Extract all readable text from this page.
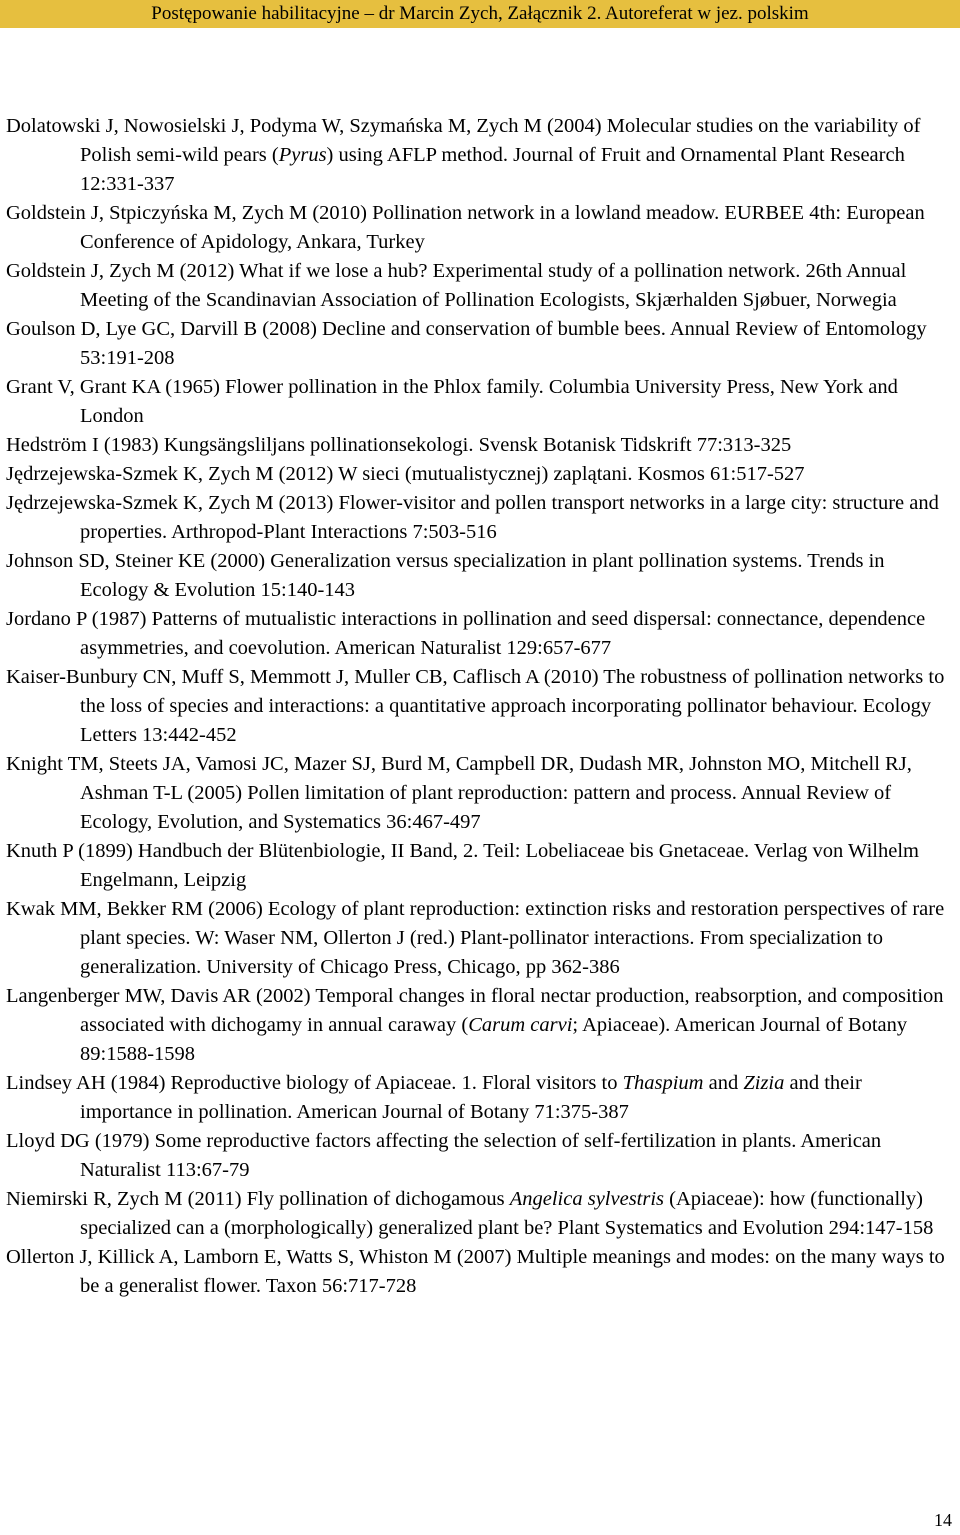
Postępowanie habilitacyjne – dr Marcin Zych, Załącznik 2. Autoreferat w jez. polskim

Dolatowski J, Nowosielski J, Podyma W, Szymańska M, Zych M (2004) Molecular studies on the variability of Polish semi-wild pears (Pyrus) using AFLP method. Journal of Fruit and Ornamental Plant Research 12:331-337

Goldstein J, Stpiczyńska M, Zych M (2010) Pollination network in a lowland meadow. EURBEE 4th: European Conference of Apidology, Ankara, Turkey

Goldstein J, Zych M (2012) What if we lose a hub? Experimental study of a pollination network. 26th Annual Meeting of the Scandinavian Association of Pollination Ecologists, Skjærhalden Sjøbuer, Norwegia

Goulson D, Lye GC, Darvill B (2008) Decline and conservation of bumble bees. Annual Review of Entomology 53:191-208

Grant V, Grant KA (1965) Flower pollination in the Phlox family. Columbia University Press, New York and London

Hedström I (1983) Kungsängsliljans pollinationsekologi. Svensk Botanisk Tidskrift 77:313-325

Jędrzejewska-Szmek K, Zych M (2012) W sieci (mutualistycznej) zaplątani. Kosmos 61:517-527

Jędrzejewska-Szmek K, Zych M (2013) Flower-visitor and pollen transport networks in a large city: structure and properties. Arthropod-Plant Interactions 7:503-516

Johnson SD, Steiner KE (2000) Generalization versus specialization in plant pollination systems. Trends in Ecology & Evolution 15:140-143

Jordano P (1987) Patterns of mutualistic interactions in pollination and seed dispersal: connectance, dependence asymmetries, and coevolution. American Naturalist 129:657-677

Kaiser-Bunbury CN, Muff S, Memmott J, Muller CB, Caflisch A (2010) The robustness of pollination networks to the loss of species and interactions: a quantitative approach incorporating pollinator behaviour. Ecology Letters 13:442-452

Knight TM, Steets JA, Vamosi JC, Mazer SJ, Burd M, Campbell DR, Dudash MR, Johnston MO, Mitchell RJ, Ashman T-L (2005) Pollen limitation of plant reproduction: pattern and process. Annual Review of Ecology, Evolution, and Systematics 36:467-497

Knuth P (1899) Handbuch der Blütenbiologie, II Band, 2. Teil: Lobeliaceae bis Gnetaceae. Verlag von Wilhelm Engelmann, Leipzig

Kwak MM, Bekker RM (2006) Ecology of plant reproduction: extinction risks and restoration perspectives of rare plant species. W: Waser NM, Ollerton J (red.) Plant-pollinator interactions. From specialization to generalization. University of Chicago Press, Chicago, pp 362-386

Langenberger MW, Davis AR (2002) Temporal changes in floral nectar production, reabsorption, and composition associated with dichogamy in annual caraway (Carum carvi; Apiaceae). American Journal of Botany 89:1588-1598

Lindsey AH (1984) Reproductive biology of Apiaceae. 1. Floral visitors to Thaspium and Zizia and their importance in pollination. American Journal of Botany 71:375-387

Lloyd DG (1979) Some reproductive factors affecting the selection of self-fertilization in plants. American Naturalist 113:67-79

Niemirski R, Zych M (2011) Fly pollination of dichogamous Angelica sylvestris (Apiaceae): how (functionally) specialized can a (morphologically) generalized plant be? Plant Systematics and Evolution 294:147-158

Ollerton J, Killick A, Lamborn E, Watts S, Whiston M (2007) Multiple meanings and modes: on the many ways to be a generalist flower. Taxon 56:717-728

14
